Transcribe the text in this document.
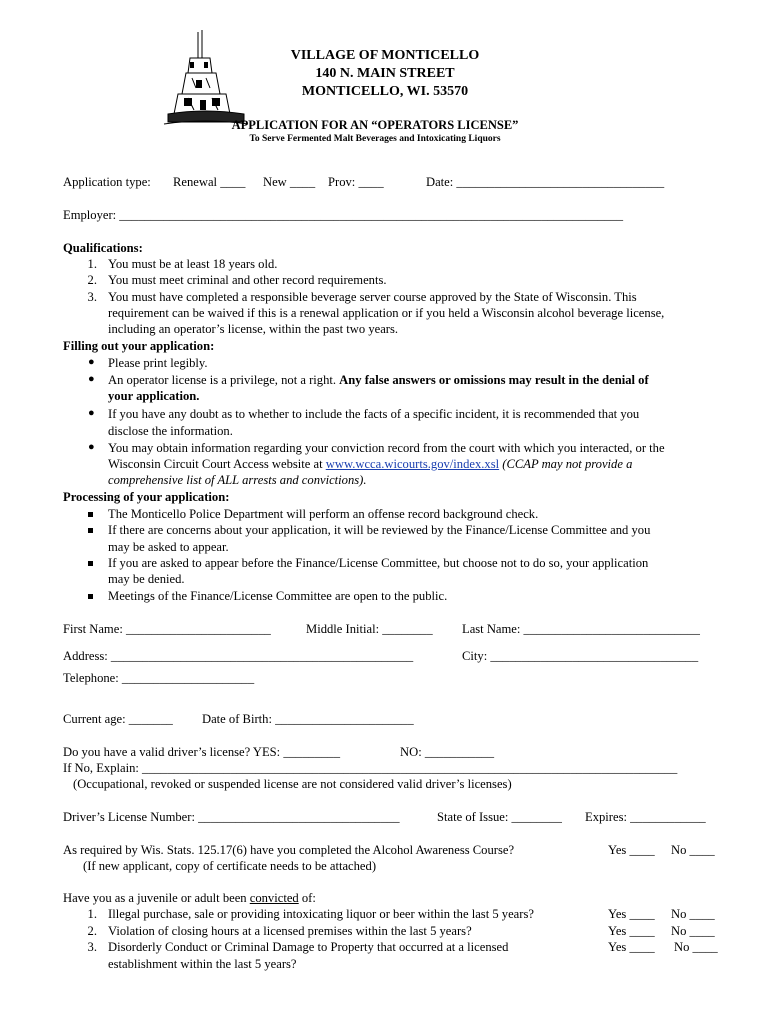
VILLAGE OF MONTICELLO
140 N. MAIN STREET
MONTICELLO, WI. 53570
APPLICATION FOR AN “OPERATORS LICENSE”
To Serve Fermented Malt Beverages and Intoxicating Liquors
Application type: Renewal ____ New ____ Prov: ____	Date: _________________________________
Employer: ________________________________________________________________________________
Qualifications:
1. You must be at least 18 years old.
2. You must meet criminal and other record requirements.
3. You must have completed a responsible beverage server course approved by the State of Wisconsin. This
requirement can be waived if this is a renewal application or if you held a Wisconsin alcohol beverage license,
including an operator’s license, within the past two years.
Filling out your application:
● Please print legibly.
● An operator license is a privilege, not a right. Any false answers or omissions may result in the denial of
your application.
● If you have any doubt as to whether to include the facts of a specific incident, it is recommended that you
disclose the information.
● You may obtain information regarding your conviction record from the court with which you interacted, or the
Wisconsin Circuit Court Access website at www.wcca.wicourts.gov/index.xsl (CCAP may not provide a
comprehensive list of ALL arrests and convictions).
Processing of your application:
The Monticello Police Department will perform an offense record background check.
If there are concerns about your application, it will be reviewed by the Finance/License Committee and you
may be asked to appear.
If you are asked to appear before the Finance/License Committee, but choose not to do so, your application
may be denied.
Meetings of the Finance/License Committee are open to the public.
First Name: _______________________	Middle Initial: ________ Last Name: ____________________________
Address: ________________________________________________	City: _________________________________
Telephone: _____________________
Current age: _______ Date of Birth: ______________________
Do you have a valid driver’s license? YES: _________	NO: ___________
If No, Explain: _____________________________________________________________________________________
(Occupational, revoked or suspended license are not considered valid driver’s licenses)
Driver’s License Number: ________________________________	State of Issue: ________ Expires: ____________
As required by Wis. Stats. 125.17(6) have you completed the Alcohol Awareness Course?	Yes ____ No ____
(If new applicant, copy of certificate needs to be attached)
Have you as a juvenile or adult been convicted of:
1. Illegal purchase, sale or providing intoxicating liquor or beer within the last 5 years?	Yes ____ No ____
2. Violation of closing hours at a licensed premises within the last 5 years?	Yes ____ No ____
3. Disorderly Conduct or Criminal Damage to Property that occurred at a licensed	Yes ____ No ____
establishment within the last 5 years?
